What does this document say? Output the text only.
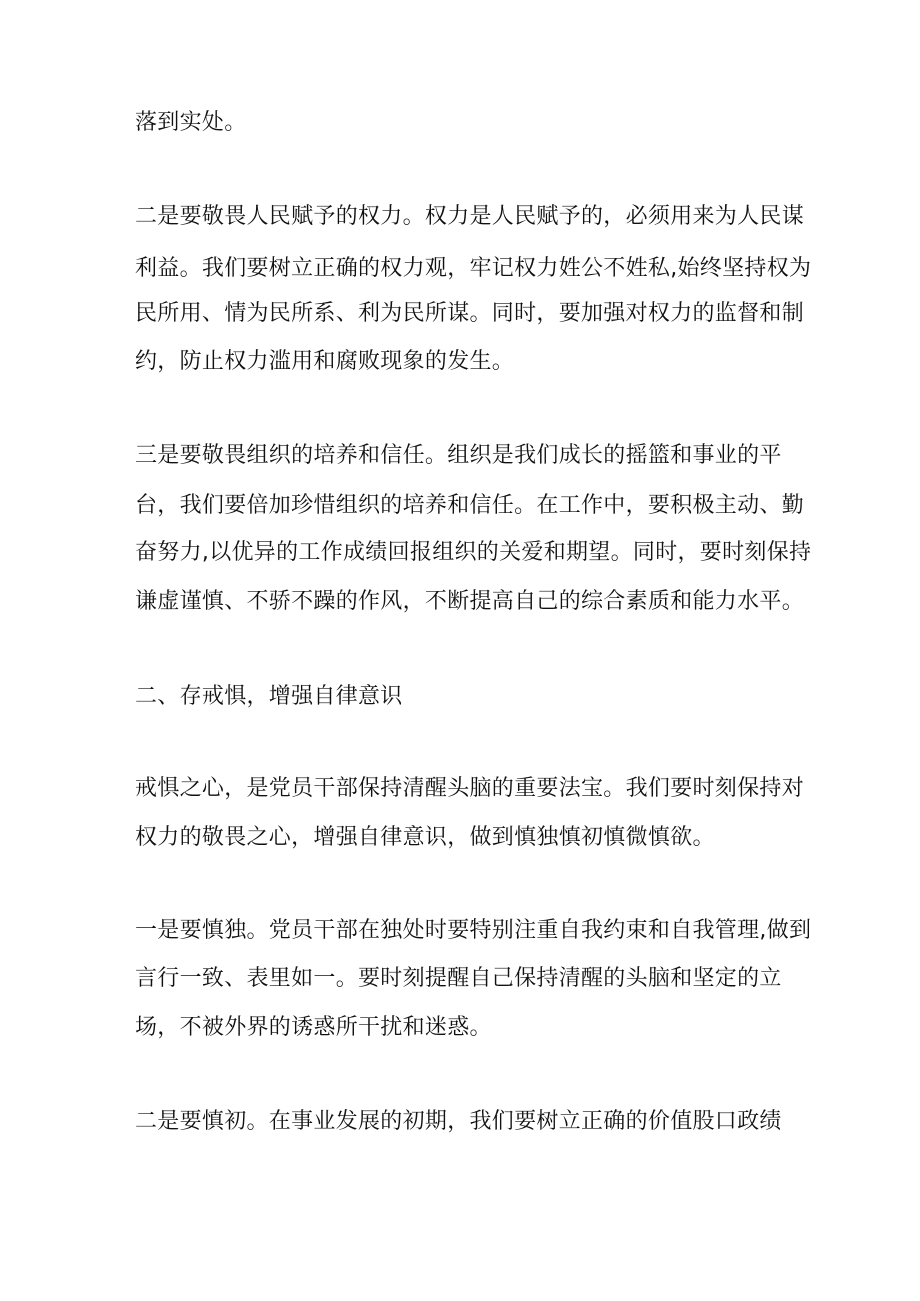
落到实处。

二是要敬畏人民赋予的权力。权力是人民赋予的，必须用来为人民谋

利益。我们要树立正确的权力观，牢记权力姓公不姓私,始终坚持权为

民所用、情为民所系、利为民所谋。同时，要加强对权力的监督和制

约，防止权力滥用和腐败现象的发生。

三是要敬畏组织的培养和信任。组织是我们成长的摇篮和事业的平

台，我们要倍加珍惜组织的培养和信任。在工作中，要积极主动、勤

奋努力,以优异的工作成绩回报组织的关爱和期望。同时，要时刻保持

谦虚谨慎、不骄不躁的作风，不断提高自己的综合素质和能力水平。

二、存戒惧，增强自律意识

戒惧之心，是党员干部保持清醒头脑的重要法宝。我们要时刻保持对

权力的敬畏之心，增强自律意识，做到慎独慎初慎微慎欲。

一是要慎独。党员干部在独处时要特别注重自我约束和自我管理,做到

言行一致、表里如一。要时刻提醒自己保持清醒的头脑和坚定的立

场，不被外界的诱惑所干扰和迷惑。

二是要慎初。在事业发展的初期，我们要树立正确的价值股口政绩
